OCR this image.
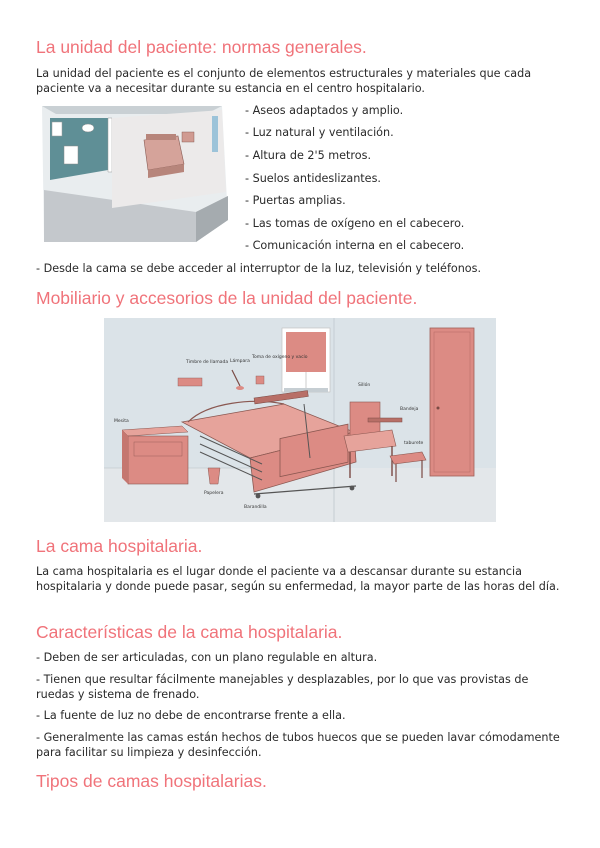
La unidad del paciente: normas generales.
La unidad del paciente es el conjunto de elementos estructurales y materiales que cada paciente va a necesitar durante su estancia en el centro hospitalario.
- Aseos adaptados y amplio.
- Luz natural y ventilación.
- Altura de 2'5 metros.
- Suelos antideslizantes.
- Puertas amplias.
- Las tomas de oxígeno en el cabecero.
- Comunicación interna en el cabecero.
- Desde la cama se debe acceder al interruptor de la luz, televisión y teléfonos.
Mobiliario y accesorios de la unidad del paciente.
Timbre de llamada Lámpara
Toma de oxígeno y vacío
Sillón
Mesita
Bandeja
taburete
Papelera
Barandilla
La cama hospitalaria.
La cama hospitalaria es el lugar donde el paciente va a descansar durante su estancia hospitalaria y donde puede pasar, según su enfermedad, la mayor parte de las horas del día.
Características de la cama hospitalaria.
- Deben de ser articuladas, con un plano regulable en altura.
- Tienen que resultar fácilmente manejables y desplazables, por lo que vas provistas de ruedas y sistema de frenado.
- La fuente de luz no debe de encontrarse frente a ella.
- Generalmente las camas están hechos de tubos huecos que se pueden lavar cómodamente para facilitar su limpieza y desinfección.
Tipos de camas hospitalarias.
